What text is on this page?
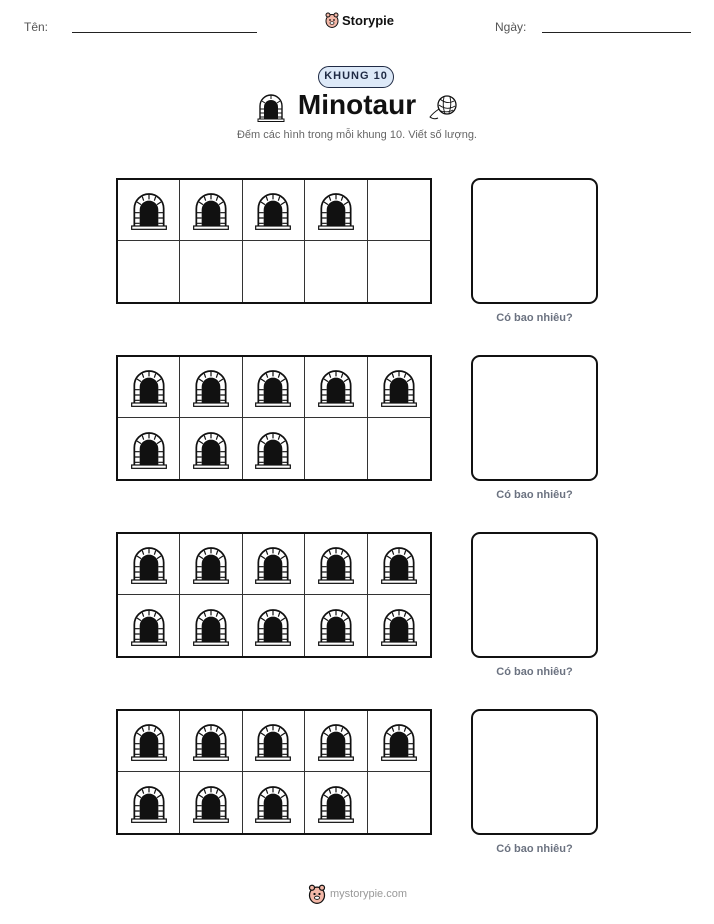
Tên:	Storypie	Ngày:
KHUNG 10
Minotaur
Đếm các hình trong mỗi khung 10. Viết số lượng.
Có bao nhiêu?
Có bao nhiêu?
Có bao nhiêu?
Có bao nhiêu?
mystorypie.com
